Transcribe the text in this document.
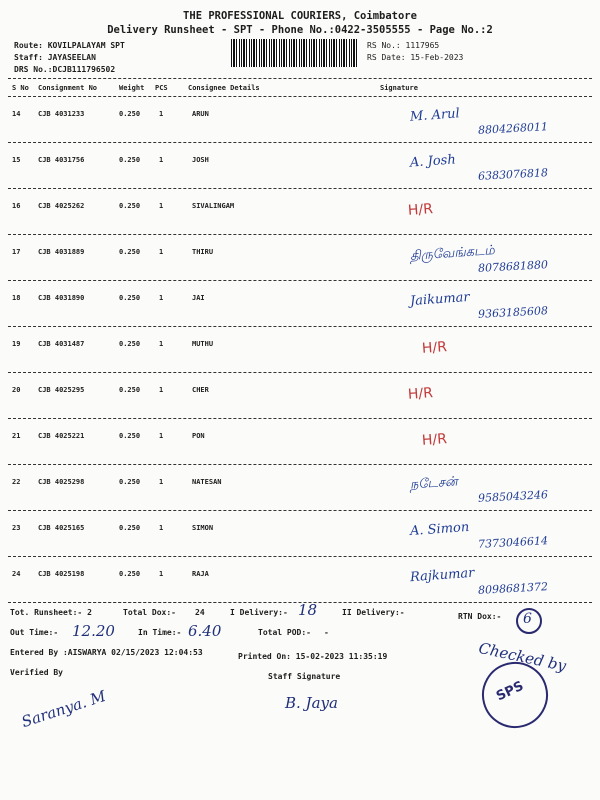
THE PROFESSIONAL COURIERS, Coimbatore
Delivery Runsheet - SPT - Phone No.:0422-3505555 - Page No.:2
Route: KOVILPALAYAM SPT
Staff: JAYASEELAN
DRS No.:DCJB111796502
RS No.: 1117965
RS Date: 15-Feb-2023
S No Consignment No	Weight PCS	Consignee Details	Signature
14	CJB 4031233	0.250	1	ARUN	M. Arul
8804268011
15	CJB 4031756	0.250	1	JOSH	A. Josh
6383076818
16	CJB 4025262	0.250	1	SIVALINGAM	H/R
17	CJB 4031889	0.250	1	THIRU	திருவேங்கடம்
8078681880
18	CJB 4031890	0.250	1	JAI	Jaikumar
9363185608
19	CJB 4031487	0.250	1	MUTHU	H/R
20	CJB 4025295	0.250	1	CHER	H/R
21	CJB 4025221	0.250	1	PON	H/R
22	CJB 4025298	0.250	1	NATESAN	நடேசன்
9585043246
23	CJB 4025165	0.250	1	SIMON	A. Simon
7373046614
24	CJB 4025198	0.250	1	RAJA	Rajkumar
8098681372
Tot. Runsheet:- 2	Total Dox:- 24	I Delivery:- 18	II Delivery:-	RTN Dox:- 6
Out Time:- 12.20	In Time:- 6.40	Total POD:- -
Entered By :AISWARYA 02/15/2023 12:04:53	Printed On: 15-02-2023 11:35:19	Checked by
Verified By	Staff Signature
Saranya. M	B. Jaya	SPS
